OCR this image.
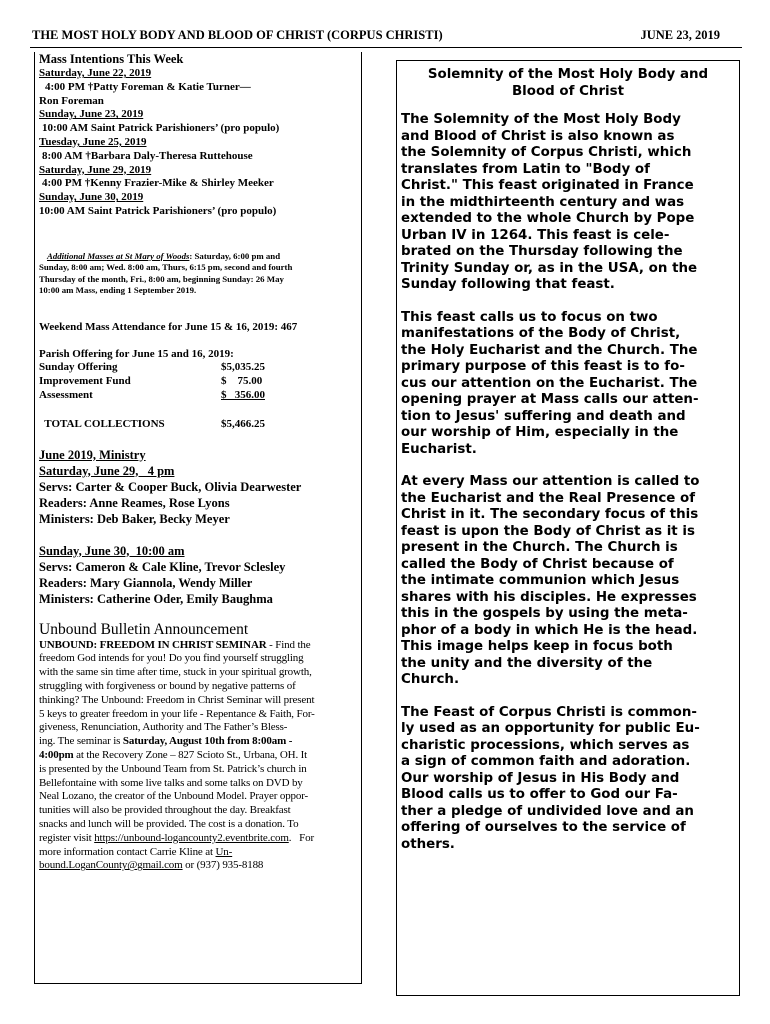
THE MOST HOLY BODY AND BLOOD OF CHRIST (CORPUS CHRISTI)	JUNE 23, 2019
Mass Intentions This Week
Saturday, June 22, 2019
4:00 PM †Patty Foreman & Katie Turner—
Ron Foreman
Sunday, June 23, 2019
10:00 AM Saint Patrick Parishioners’ (pro populo)
Tuesday, June 25, 2019
8:00 AM †Barbara Daly-Theresa Ruttehouse
Saturday, June 29, 2019
4:00 PM †Kenny Frazier-Mike & Shirley Meeker
Sunday, June 30, 2019
10:00 AM Saint Patrick Parishioners’ (pro populo)
Additional Masses at St Mary of Woods: Saturday, 6:00 pm and
Sunday, 8:00 am; Wed. 8:00 am, Thurs, 6:15 pm, second and fourth
Thursday of the month, Fri., 8:00 am, beginning Sunday: 26 May
10:00 am Mass, ending 1 September 2019.
Weekend Mass Attendance for June 15 & 16, 2019: 467
Parish Offering for June 15 and 16, 2019:
Sunday Offering	$5,035.25
Improvement Fund	$    75.00
Assessment	$   356.00
TOTAL COLLECTIONS	$5,466.25
June 2019, Ministry
Saturday, June 29,   4 pm
Servs: Carter & Cooper Buck, Olivia Dearwester
Readers: Anne Reames, Rose Lyons
Ministers: Deb Baker, Becky Meyer
Sunday, June 30,  10:00 am
Servs: Cameron & Cale Kline, Trevor Sclesley
Readers: Mary Giannola, Wendy Miller
Ministers: Catherine Oder, Emily Baughma
Unbound Bulletin Announcement
UNBOUND: FREEDOM IN CHRIST SEMINAR - Find the
freedom God intends for you! Do you find yourself struggling
with the same sin time after time, stuck in your spiritual growth,
struggling with forgiveness or bound by negative patterns of
thinking? The Unbound: Freedom in Christ Seminar will present
5 keys to greater freedom in your life - Repentance & Faith, For-
giveness, Renunciation, Authority and The Father’s Bless-
ing. The seminar is Saturday, August 10th from 8:00am -
4:00pm at the Recovery Zone – 827 Scioto St., Urbana, OH. It
is presented by the Unbound Team from St. Patrick’s church in
Bellefontaine with some live talks and some talks on DVD by
Neal Lozano, the creator of the Unbound Model. Prayer oppor-
tunities will also be provided throughout the day. Breakfast
snacks and lunch will be provided. The cost is a donation. To
register visit https://unbound-logancounty2.eventbrite.com.   For
more information contact Carrie Kline at Un-
bound.LoganCounty@gmail.com or (937) 935-8188
Solemnity of the Most Holy Body and
Blood of Christ
The Solemnity of the Most Holy Body
and Blood of Christ is also known as
the Solemnity of Corpus Christi, which
translates from Latin to "Body of
Christ." This feast originated in France
in the midthirteenth century and was
extended to the whole Church by Pope
Urban IV in 1264. This feast is cele-
brated on the Thursday following the
Trinity Sunday or, as in the USA, on the
Sunday following that feast.
This feast calls us to focus on two
manifestations of the Body of Christ,
the Holy Eucharist and the Church. The
primary purpose of this feast is to fo-
cus our attention on the Eucharist. The
opening prayer at Mass calls our atten-
tion to Jesus' suffering and death and
our worship of Him, especially in the
Eucharist.
At every Mass our attention is called to
the Eucharist and the Real Presence of
Christ in it. The secondary focus of this
feast is upon the Body of Christ as it is
present in the Church. The Church is
called the Body of Christ because of
the intimate communion which Jesus
shares with his disciples. He expresses
this in the gospels by using the meta-
phor of a body in which He is the head.
This image helps keep in focus both
the unity and the diversity of the
Church.
The Feast of Corpus Christi is common-
ly used as an opportunity for public Eu-
charistic processions, which serves as
a sign of common faith and adoration.
Our worship of Jesus in His Body and
Blood calls us to offer to God our Fa-
ther a pledge of undivided love and an
offering of ourselves to the service of
others.
